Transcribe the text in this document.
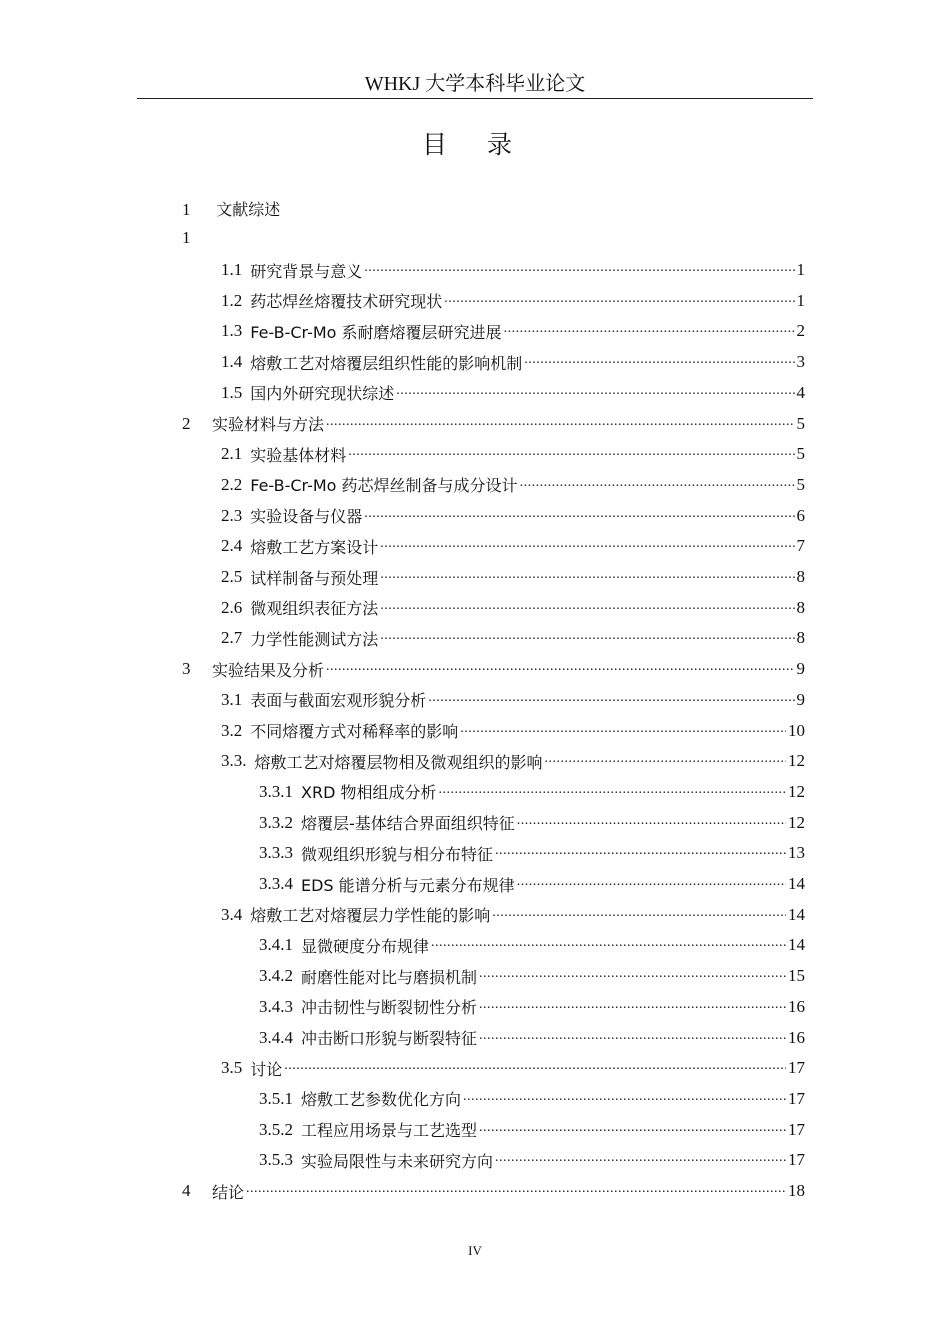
WHKJ 大学本科毕业论文
目 录
1 文献综述
1
1.1 研究背景与意义 .....	1
1.2 药芯焊丝熔覆技术研究现状 .....	1
1.3 Fe-B-Cr-Mo 系耐磨熔覆层研究进展 .....	2
1.4 熔敷工艺对熔覆层组织性能的影响机制 .....	3
1.5 国内外研究现状综述 .....	4
2	实验材料与方法 .....	5
2.1 实验基体材料 .....	5
2.2 Fe-B-Cr-Mo 药芯焊丝制备与成分设计 .....	5
2.3 实验设备与仪器 .....	6
2.4 熔敷工艺方案设计 .....	7
2.5 试样制备与预处理 .....	8
2.6 微观组织表征方法 .....	8
2.7 力学性能测试方法 .....	8
3	实验结果及分析 .....	9
3.1 表面与截面宏观形貌分析 .....	9
3.2 不同熔覆方式对稀释率的影响 .....	10
3.3. 熔敷工艺对熔覆层物相及微观组织的影响 .....	12
3.3.1 XRD 物相组成分析 .....	12
3.3.2 熔覆层-基体结合界面组织特征 .....	12
3.3.3 微观组织形貌与相分布特征 .....	13
3.3.4 EDS 能谱分析与元素分布规律 .....	14
3.4 熔敷工艺对熔覆层力学性能的影响 .....	14
3.4.1 显微硬度分布规律 .....	14
3.4.2 耐磨性能对比与磨损机制 .....	15
3.4.3 冲击韧性与断裂韧性分析 .....	16
3.4.4 冲击断口形貌与断裂特征 .....	16
3.5 讨论 .....	17
3.5.1 熔敷工艺参数优化方向 .....	17
3.5.2 工程应用场景与工艺选型 .....	17
3.5.3 实验局限性与未来研究方向 .....	17
4	结论 .....	18
IV
